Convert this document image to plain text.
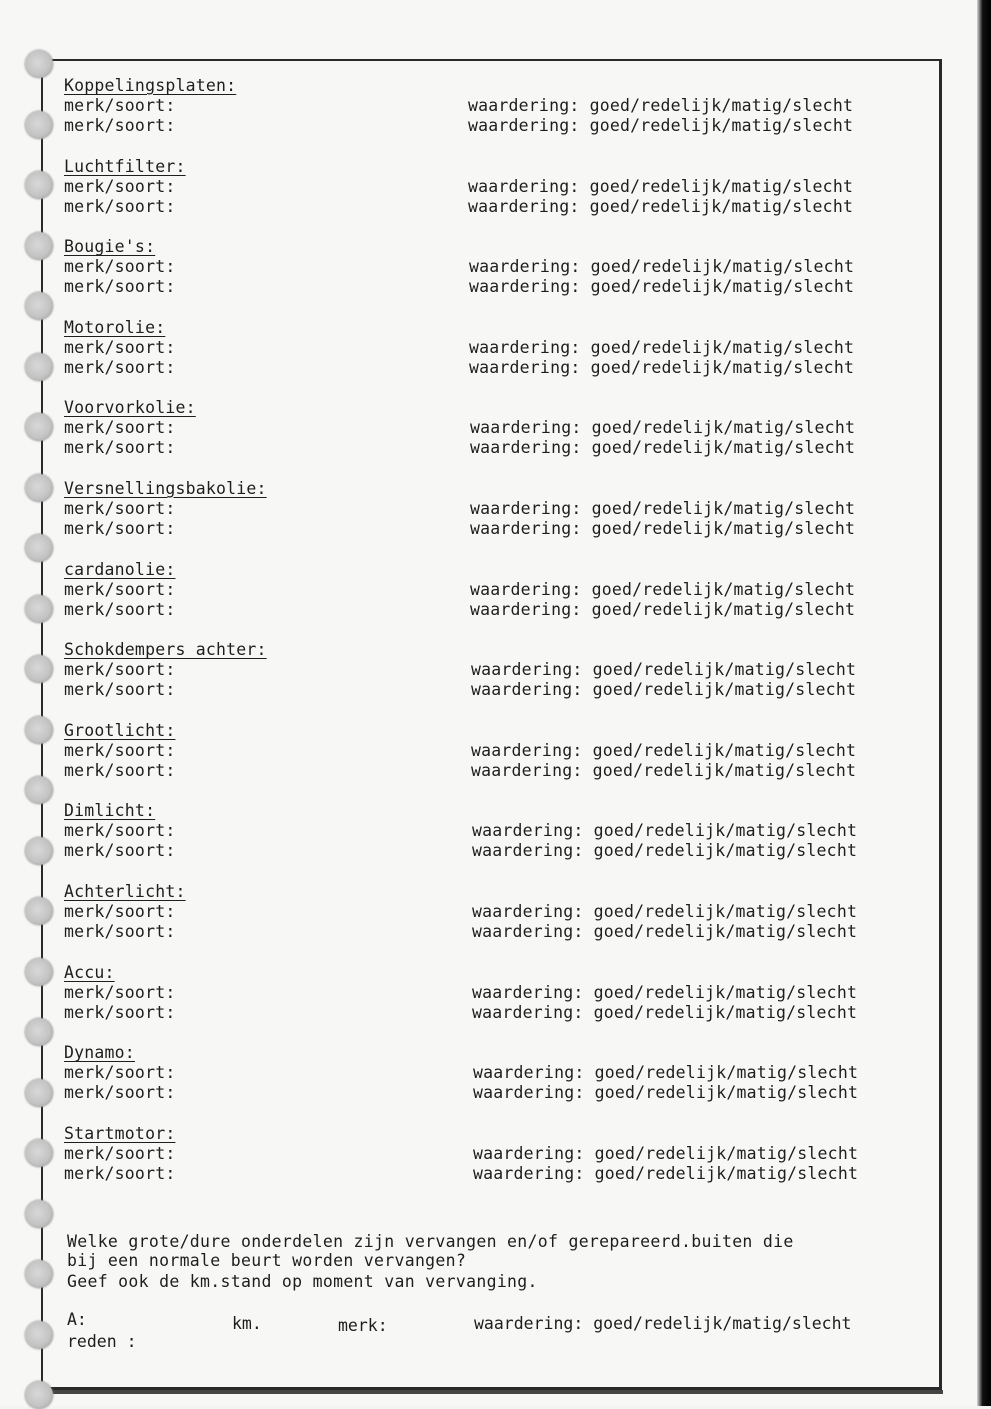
Koppelingsplaten:
merk/soort:	waardering: goed/redelijk/matig/slecht
merk/soort:	waardering: goed/redelijk/matig/slecht
Luchtfilter:
merk/soort:	waardering: goed/redelijk/matig/slecht
merk/soort:	waardering: goed/redelijk/matig/slecht
Bougie's:
merk/soort:	waardering: goed/redelijk/matig/slecht
merk/soort:	waardering: goed/redelijk/matig/slecht
Motorolie:
merk/soort:	waardering: goed/redelijk/matig/slecht
merk/soort:	waardering: goed/redelijk/matig/slecht
Voorvorkolie:
merk/soort:	waardering: goed/redelijk/matig/slecht
merk/soort:	waardering: goed/redelijk/matig/slecht
Versnellingsbakolie:
merk/soort:	waardering: goed/redelijk/matig/slecht
merk/soort:	waardering: goed/redelijk/matig/slecht
cardanolie:
merk/soort:	waardering: goed/redelijk/matig/slecht
merk/soort:	waardering: goed/redelijk/matig/slecht
Schokdempers achter:
merk/soort:	waardering: goed/redelijk/matig/slecht
merk/soort:	waardering: goed/redelijk/matig/slecht
Grootlicht:
merk/soort:	waardering: goed/redelijk/matig/slecht
merk/soort:	waardering: goed/redelijk/matig/slecht
Dimlicht:
merk/soort:	waardering: goed/redelijk/matig/slecht
merk/soort:	waardering: goed/redelijk/matig/slecht
Achterlicht:
merk/soort:	waardering: goed/redelijk/matig/slecht
merk/soort:	waardering: goed/redelijk/matig/slecht
Accu:
merk/soort:	waardering: goed/redelijk/matig/slecht
merk/soort:	waardering: goed/redelijk/matig/slecht
Dynamo:
merk/soort:	waardering: goed/redelijk/matig/slecht
merk/soort:	waardering: goed/redelijk/matig/slecht
Startmotor:
merk/soort:	waardering: goed/redelijk/matig/slecht
merk/soort:	waardering: goed/redelijk/matig/slecht
Welke grote/dure onderdelen zijn vervangen en/of gerepareerd.buiten die
bij een normale beurt worden vervangen?
Geef ook de km.stand op moment van vervanging.
A:	km.	merk:	waardering: goed/redelijk/matig/slecht
reden :
